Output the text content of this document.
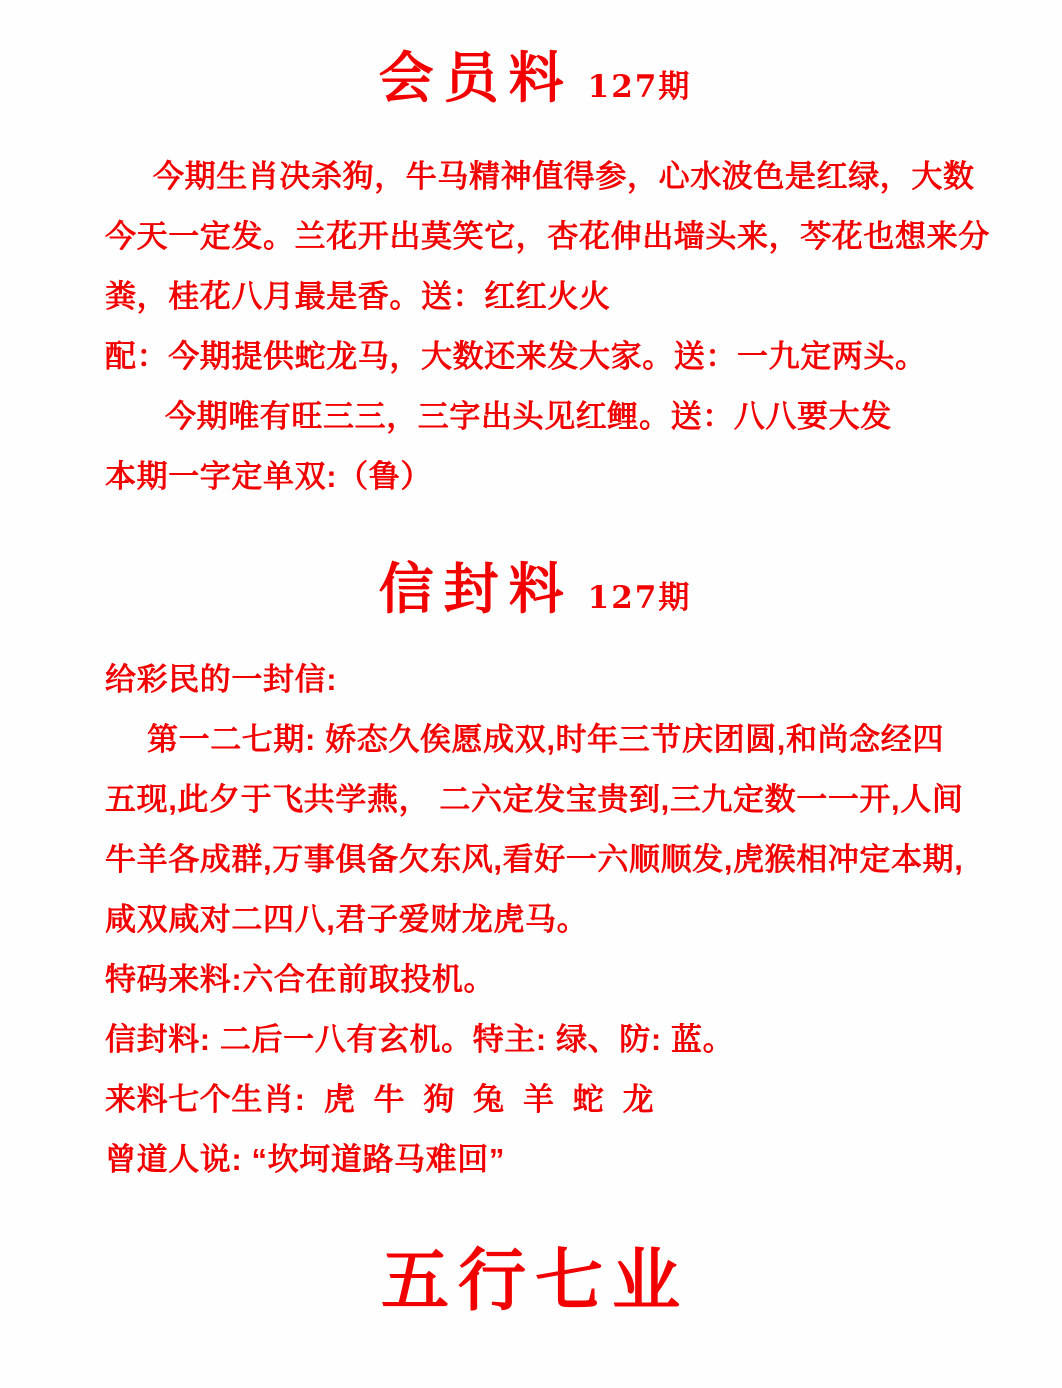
会员料 127期
今期生肖决杀狗，牛马精神值得参，心水波色是红绿，大数
今天一定发。兰花开出莫笑它，杏花伸出墙头来，芩花也想来分
粪，桂花八月最是香。送：红红火火
配：今期提供蛇龙马，大数还来发大家。送：一九定两头。
今期唯有旺三三，三字出头见红鲤。送：八八要大发
本期一字定单双:（鲁）
信封料 127期
给彩民的一封信:
第一二七期: 娇态久俟愿成双,时年三节庆团圆,和尚念经四
五现,此夕于飞共学燕， 二六定发宝贵到,三九定数一一开,人间
牛羊各成群,万事俱备欠东风,看好一六顺顺发,虎猴相冲定本期,
咸双咸对二四八,君子爱财龙虎马。
特码来料:六合在前取投机。
信封料: 二后一八有玄机。特主: 绿、防: 蓝。
来料七个生肖: 虎 牛 狗 兔 羊 蛇 龙
曾道人说: “坎坷道路马难回”
五行七业
